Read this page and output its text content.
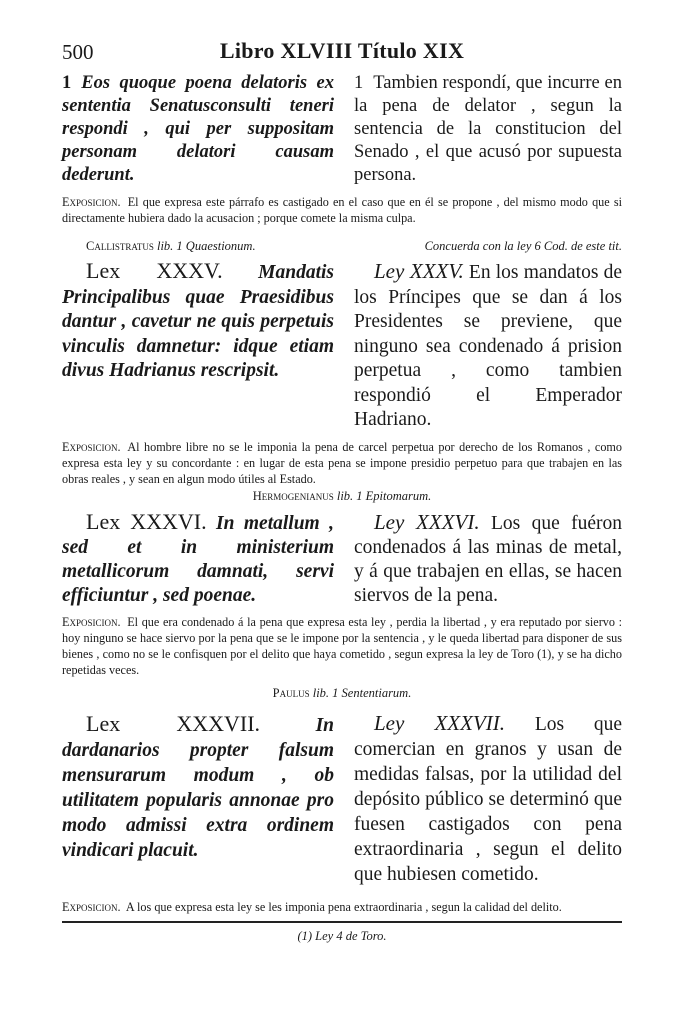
500	Libro XLVIII Título XIX
1 Eos quoque poena delatoris ex sententia Senatusconsulti teneri respondi , qui per suppositam personam delatori causam dederunt.
1 Tambien respondí, que incurre en la pena de delator , segun la sentencia de la constitucion del Senado , el que acusó por supuesta persona.

Exposicion. El que expresa este párrafo es castigado en el caso que en él se propone , del mismo modo que si directamente hubiera dado la acusacion ; porque comete la misma culpa.

Callistratus lib. 1 Quaestionum.	Concuerda con la ley 6 Cod. de este tit.
Lex XXXV. Mandatis Principalibus quae Praesidibus dantur , cavetur ne quis perpetuis vinculis damnetur: idque etiam divus Hadrianus rescripsit.
Ley XXXV. En los mandatos de los Príncipes que se dan á los Presidentes se previene, que ninguno sea condenado á prision perpetua , como tambien respondió el Emperador Hadriano.

Exposicion. Al hombre libre no se le imponia la pena de carcel perpetua por derecho de los Romanos , como expresa esta ley y su concordante : en lugar de esta pena se impone presidio perpetuo para que trabajen en las obras reales , y sean en algun modo útiles al Estado.

Hermogenianus lib. 1 Epitomarum.
Lex XXXVI. In metallum , sed et in ministerium metallicorum damnati, servi efficiuntur , sed poenae.
Ley XXXVI. Los que fuéron condenados á las minas de metal, y á que trabajen en ellas, se hacen siervos de la pena.

Exposicion. El que era condenado á la pena que expresa esta ley , perdia la libertad , y era reputado por siervo : hoy ninguno se hace siervo por la pena que se le impone por la sentencia , y le queda libertad para disponer de sus bienes , como no se le confisquen por el delito que haya cometido , segun expresa la ley de Toro (1), y se ha dicho repetidas veces.

Paulus lib. 1 Sententiarum.
Lex XXXVII.	In dardanarios propter falsum mensurarum modum , ob utilitatem popularis annonae pro modo admissi extra ordinem vindicari placuit.
Ley XXXVII. Los que comercian en granos y usan de medidas falsas, por la utilidad del depósito público se determinó que fuesen castigados con pena extraordinaria , segun el delito que hubiesen cometido.

Exposicion. A los que expresa esta ley se les imponia pena extraordinaria , segun la calidad del delito.

(1) Ley 4 de Toro.
